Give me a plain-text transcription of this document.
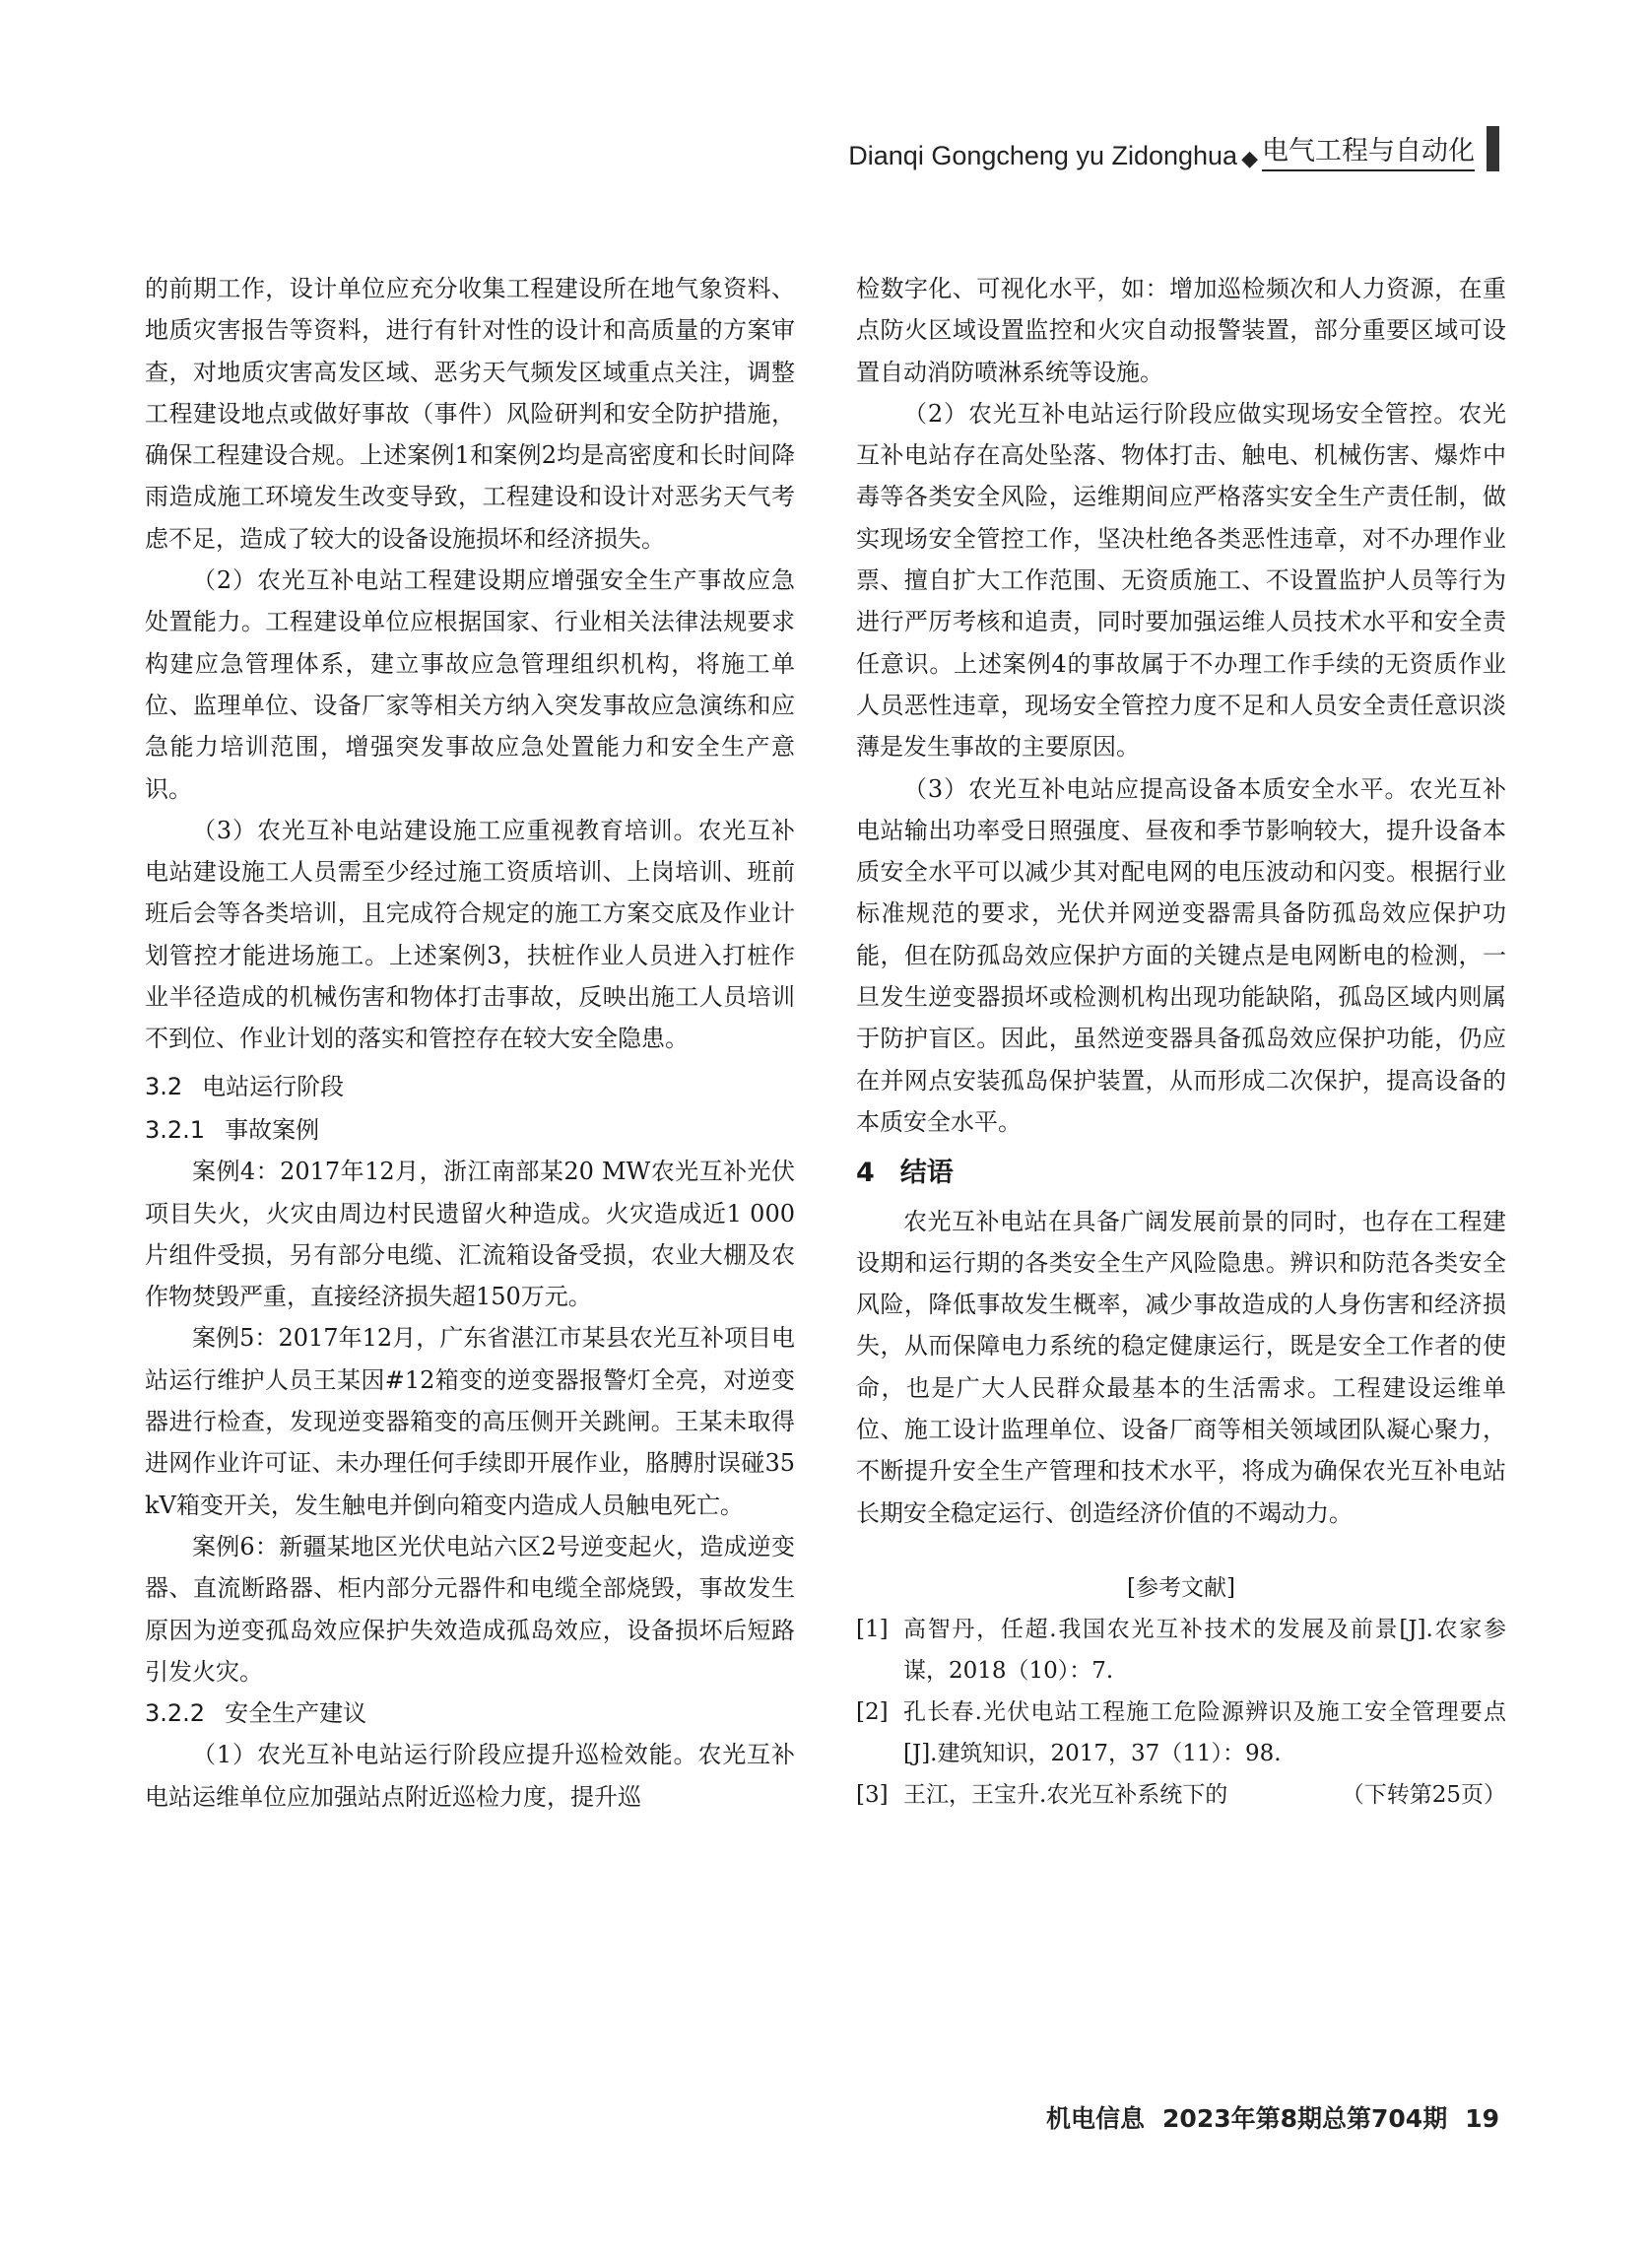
Dianqi Gongcheng yu Zidonghua ◆ 电气工程与自动化

的前期工作，设计单位应充分收集工程建设所在地气象资料、地质灾害报告等资料，进行有针对性的设计和高质量的方案审查，对地质灾害高发区域、恶劣天气频发区域重点关注，调整工程建设地点或做好事故（事件）风险研判和安全防护措施，确保工程建设合规。上述案例1和案例2均是高密度和长时间降雨造成施工环境发生改变导致，工程建设和设计对恶劣天气考虑不足，造成了较大的设备设施损坏和经济损失。

（2）农光互补电站工程建设期应增强安全生产事故应急处置能力。工程建设单位应根据国家、行业相关法律法规要求构建应急管理体系，建立事故应急管理组织机构，将施工单位、监理单位、设备厂家等相关方纳入突发事故应急演练和应急能力培训范围，增强突发事故应急处置能力和安全生产意识。

（3）农光互补电站建设施工应重视教育培训。农光互补电站建设施工人员需至少经过施工资质培训、上岗培训、班前班后会等各类培训，且完成符合规定的施工方案交底及作业计划管控才能进场施工。上述案例3，扶桩作业人员进入打桩作业半径造成的机械伤害和物体打击事故，反映出施工人员培训不到位、作业计划的落实和管控存在较大安全隐患。

3.2 电站运行阶段
3.2.1 事故案例

案例4：2017年12月，浙江南部某20 MW农光互补光伏项目失火，火灾由周边村民遗留火种造成。火灾造成近1 000片组件受损，另有部分电缆、汇流箱设备受损，农业大棚及农作物焚毁严重，直接经济损失超150万元。

案例5：2017年12月，广东省湛江市某县农光互补项目电站运行维护人员王某因#12箱变的逆变器报警灯全亮，对逆变器进行检查，发现逆变器箱变的高压侧开关跳闸。王某未取得进网作业许可证、未办理任何手续即开展作业，胳膊肘误碰35 kV箱变开关，发生触电并倒向箱变内造成人员触电死亡。

案例6：新疆某地区光伏电站六区2号逆变起火，造成逆变器、直流断路器、柜内部分元器件和电缆全部烧毁，事故发生原因为逆变孤岛效应保护失效造成孤岛效应，设备损坏后短路引发火灾。

3.2.2 安全生产建议

（1）农光互补电站运行阶段应提升巡检效能。农光互补电站运维单位应加强站点附近巡检力度，提升巡

检数字化、可视化水平，如：增加巡检频次和人力资源，在重点防火区域设置监控和火灾自动报警装置，部分重要区域可设置自动消防喷淋系统等设施。

（2）农光互补电站运行阶段应做实现场安全管控。农光互补电站存在高处坠落、物体打击、触电、机械伤害、爆炸中毒等各类安全风险，运维期间应严格落实安全生产责任制，做实现场安全管控工作，坚决杜绝各类恶性违章，对不办理作业票、擅自扩大工作范围、无资质施工、不设置监护人员等行为进行严厉考核和追责，同时要加强运维人员技术水平和安全责任意识。上述案例4的事故属于不办理工作手续的无资质作业人员恶性违章，现场安全管控力度不足和人员安全责任意识淡薄是发生事故的主要原因。

（3）农光互补电站应提高设备本质安全水平。农光互补电站输出功率受日照强度、昼夜和季节影响较大，提升设备本质安全水平可以减少其对配电网的电压波动和闪变。根据行业标准规范的要求，光伏并网逆变器需具备防孤岛效应保护功能，但在防孤岛效应保护方面的关键点是电网断电的检测，一旦发生逆变器损坏或检测机构出现功能缺陷，孤岛区域内则属于防护盲区。因此，虽然逆变器具备孤岛效应保护功能，仍应在并网点安装孤岛保护装置，从而形成二次保护，提高设备的本质安全水平。

4 结语

农光互补电站在具备广阔发展前景的同时，也存在工程建设期和运行期的各类安全生产风险隐患。辨识和防范各类安全风险，降低事故发生概率，减少事故造成的人身伤害和经济损失，从而保障电力系统的稳定健康运行，既是安全工作者的使命，也是广大人民群众最基本的生活需求。工程建设运维单位、施工设计监理单位、设备厂商等相关领域团队凝心聚力，不断提升安全生产管理和技术水平，将成为确保农光互补电站长期安全稳定运行、创造经济价值的不竭动力。

[参考文献]
[1] 高智丹，任超.我国农光互补技术的发展及前景[J].农家参谋，2018（10）：7.
[2] 孔长春.光伏电站工程施工危险源辨识及施工安全管理要点[J].建筑知识，2017，37（11）：98.
[3] 王江，王宝升.农光互补系统下的	（下转第25页）
机电信息 2023年第8期总第704期 19
